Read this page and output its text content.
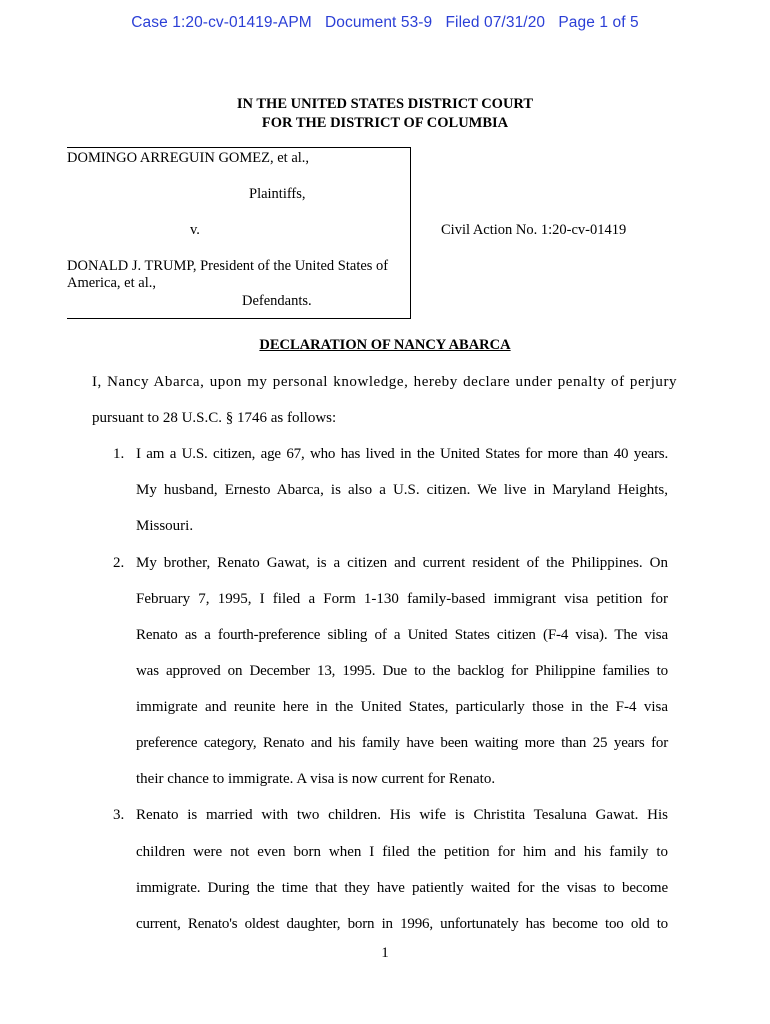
Case 1:20-cv-01419-APM   Document 53-9   Filed 07/31/20   Page 1 of 5
IN THE UNITED STATES DISTRICT COURT
FOR THE DISTRICT OF COLUMBIA
DOMINGO ARREGUIN GOMEZ, et al.,
Plaintiffs,
v.
DONALD J. TRUMP, President of the United States of
America, et al.,
Defendants.
Civil Action No. 1:20-cv-01419
DECLARATION OF NANCY ABARCA
I, Nancy Abarca, upon my personal knowledge, hereby declare under penalty of perjury
pursuant to 28 U.S.C. § 1746 as follows:
1. I am a U.S. citizen, age 67, who has lived in the United States for more than 40 years.
My husband, Ernesto Abarca, is also a U.S. citizen. We live in Maryland Heights,
Missouri.
2. My brother, Renato Gawat, is a citizen and current resident of the Philippines. On
February 7, 1995, I filed a Form 1-130 family-based immigrant visa petition for
Renato as a fourth-preference sibling of a United States citizen (F-4 visa). The visa
was approved on December 13, 1995. Due to the backlog for Philippine families to
immigrate and reunite here in the United States, particularly those in the F-4 visa
preference category, Renato and his family have been waiting more than 25 years for
their chance to immigrate. A visa is now current for Renato.
3. Renato is married with two children. His wife is Christita Tesaluna Gawat. His
children were not even born when I filed the petition for him and his family to
immigrate. During the time that they have patiently waited for the visas to become
current, Renato's oldest daughter, born in 1996, unfortunately has become too old to
1
